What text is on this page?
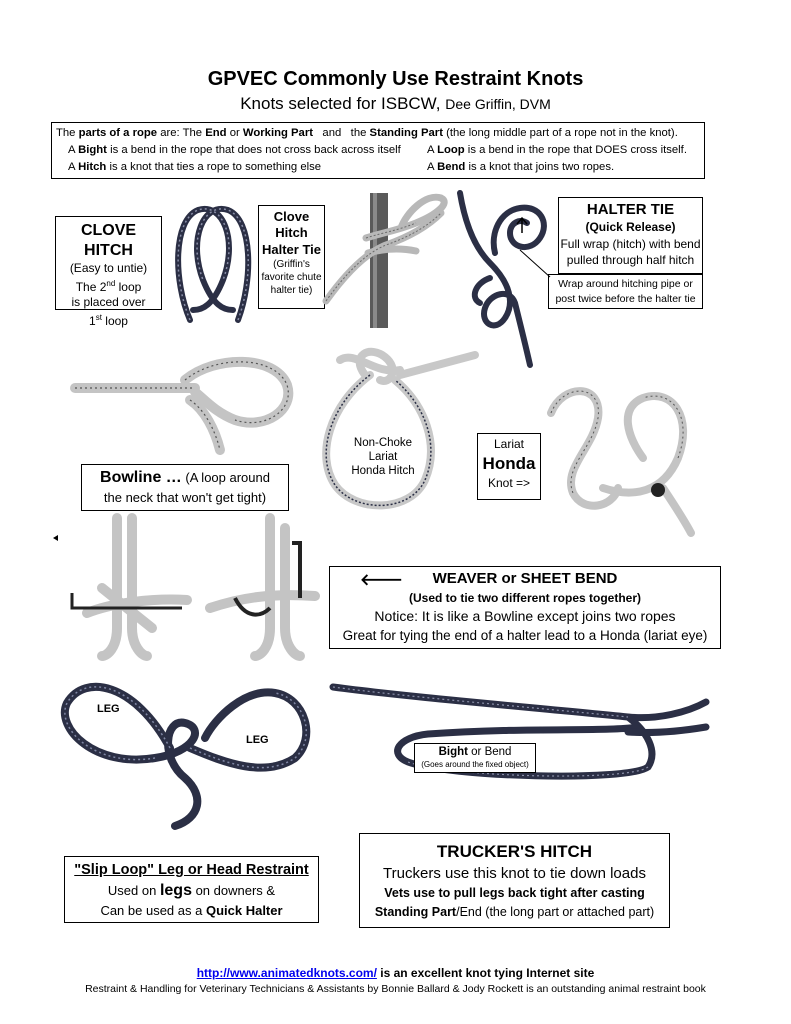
GPVEC Commonly Use Restraint Knots
Knots selected for ISBCW, Dee Griffin, DVM
The parts of a rope are: The End or Working Part   and   the Standing Part (the long middle part of a rope not in the knot).
A Bight is a bend in the rope that does not cross back across itself A Loop is a bend in the rope that DOES cross itself.
A Hitch is a knot that ties a rope to something else	A Bend is a knot that joins two ropes.
CLOVE HITCH
(Easy to untie)
The 2nd loop
is placed over
1st loop
Clove
Hitch
Halter Tie
(Griffin's
favorite chute
halter tie)
HALTER TIE
(Quick Release)
Full wrap (hitch) with bend
pulled through half hitch
Wrap around hitching pipe or
post twice before the halter tie
Bowline … (A loop around
the neck that won't get tight)
Non-Choke
Lariat
Honda Hitch
Lariat
Honda
Knot =>
🡐 WEAVER or SHEET BEND
(Used to tie two different ropes together)
Notice: It is like a Bowline except joins two ropes
Great for tying the end of a halter lead to a Honda (lariat eye)
LEG
LEG
Bight or Bend
(Goes around the fixed object)
"Slip Loop" Leg or Head Restraint
Used on legs on downers &
Can be used as a Quick Halter
TRUCKER'S HITCH
Truckers use this knot to tie down loads
Vets use to pull legs back tight after casting
Standing Part/End (the long part or attached part)
http://www.animatedknots.com/ is an excellent knot tying Internet site
Restraint & Handling for Veterinary Technicians & Assistants by Bonnie Ballard & Jody Rockett is an outstanding animal restraint book
